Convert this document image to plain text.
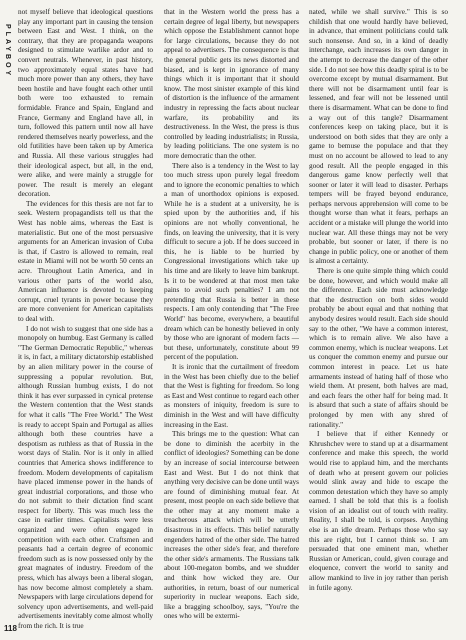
PLAYBOY

not myself believe that ideological questions play any important part in causing the tension between East and West. I think, on the contrary, that they are propaganda weapons designed to stimulate warlike ardor and to convert neutrals. Whenever, in past history, two approximately equal states have had much more power than any others, they have been hostile and have fought each other until both were too exhausted to remain formidable. France and Spain, England and France, Germany and England have all, in turn, followed this pattern until now all have rendered themselves nearly powerless, and the old futilities have been taken up by America and Russia. All these various struggles had their ideological aspect, but all, in the end, were alike, and were mainly a struggle for power. The result is merely an elegant decoration.

The evidences for this thesis are not far to seek. Western propagandists tell us that the West has noble aims, whereas the East is materialistic. But one of the most persuasive arguments for an American invasion of Cuba is that, if Castro is allowed to remain, real estate in Miami will not be worth 50 cents an acre. Throughout Latin America, and in various other parts of the world also, American influence is devoted to keeping corrupt, cruel tyrants in power because they are more convenient for American capitalists to deal with.

I do not wish to suggest that one side has a monopoly on humbug. East Germany is called "The German Democratic Republic," whereas it is, in fact, a military dictatorship established by an alien military power in the course of suppressing a popular revolution. But, although Russian humbug exists, I do not think it has ever surpassed in cynical pretense the Western contention that the West stands for what it calls "The Free World." The West is ready to accept Spain and Portugal as allies although both these countries have a despotism as ruthless as that of Russia in the worst days of Stalin. Nor is it only in allied countries that America shows indifference to freedom. Modern developments of capitalism have placed immense power in the hands of great industrial corporations, and those who do not submit to their dictation find scant respect for liberty. This was much less the case in earlier times. Capitalists were less organized and were often engaged in competition with each other. Craftsmen and peasants had a certain degree of economic freedom such as is now possessed only by the great magnates of industry. Freedom of the press, which has always been a liberal slogan, has now become almost completely a sham. Newspapers with large circulations depend for solvency upon advertisements, and well-paid advertisements inevitably come almost wholly from the rich. It is true

that in the Western world the press has a certain degree of legal liberty, but newspapers which oppose the Establishment cannot hope for large circulations, because they do not appeal to advertisers. The consequence is that the general public gets its news distorted and biased, and is kept in ignorance of many things which it is important that it should know. The most sinister example of this kind of distortion is the influence of the armament industry in repressing the facts about nuclear warfare, its probability and its destructiveness. In the West, the press is thus controlled by leading industrialists; in Russia, by leading politicians. The one system is no more democratic than the other.

There also is a tendency in the West to lay too much stress upon purely legal freedom and to ignore the economic penalties to which a man of unorthodox opinions is exposed. While he is a student at a university, he is spied upon by the authorities and, if his opinions are not wholly conventional, he finds, on leaving the university, that it is very difficult to secure a job. If he does succeed in this, he is liable to be hurried by Congressional investigations which take up his time and are likely to leave him bankrupt. Is it to be wondered at that most men take pains to avoid such penalties? I am not pretending that Russia is better in these respects. I am only contending that "The Free World" has become, everywhere, a beautiful dream which can be honestly believed in only by those who are ignorant of modern facts — but these, unfortunately, constitute about 99 percent of the population.

It is ironic that the curtailment of freedom in the West has been chiefly due to the belief that the West is fighting for freedom. So long as East and West continue to regard each other as monsters of iniquity, freedom is sure to diminish in the West and will have difficulty increasing in the East.

This brings me to the question: What can be done to diminish the acerbity in the conflict of ideologies? Something can be done by an increase of social intercourse between East and West. But I do not think that anything very decisive can be done until ways are found of diminishing mutual fear. At present, most people on each side believe that the other may at any moment make a treacherous attack which will be utterly disastrous in its effects. This belief naturally engenders hatred of the other side. The hatred increases the other side's fear, and therefore the other side's armaments. The Russians talk about 100-megaton bombs, and we shudder and think how wicked they are. Our authorities, in return, boast of our numerical superiority in nuclear weapons. Each side, like a bragging schoolboy, says, "You're the ones who will be extermi-

nated, while we shall survive." This is so childish that one would hardly have believed, in advance, that eminent politicians could talk such nonsense. And so, in a kind of deadly interchange, each increases its own danger in the attempt to decrease the danger of the other side. I do not see how this deadly spiral is to be overcome except by mutual disarmament. But there will not be disarmament until fear is lessened, and fear will not be lessened until there is disarmament. What can be done to find a way out of this tangle? Disarmament conferences keep on taking place, but it is understood on both sides that they are only a game to bemuse the populace and that they must on no account be allowed to lead to any good result. All the people engaged in this dangerous game know perfectly well that sooner or later it will lead to disaster. Perhaps tempers will be frayed beyond endurance, perhaps nervous apprehension will come to be thought worse than what it fears, perhaps an accident or a mistake will plunge the world into nuclear war. All these things may not be very probable, but sooner or later, if there is no change in public policy, one or another of them is almost a certainty.

There is one quite simple thing which could be done, however, and which would make all the difference. Each side must acknowledge that the destruction on both sides would probably be about equal and that nothing that anybody desires would result. Each side should say to the other, "We have a common interest, which is to remain alive. We also have a common enemy, which is nuclear weapons. Let us conquer the common enemy and pursue our common interest in peace. Let us hate armaments instead of hating half of those who wield them. At present, both halves are mad, and each fears the other half for being mad. It is absurd that such a state of affairs should be prolonged by men with any shred of rationality."

I believe that if either Kennedy or Khrushchev were to stand up at a disarmament conference and make this speech, the world would rise to applaud him, and the merchants of death who at present govern our policies would slink away and hide to escape the common detestation which they have so amply earned. I shall be told that this is a foolish vision of an idealist out of touch with reality. Reality, I shall be told, is corpses. Anything else is an idle dream. Perhaps those who say this are right, but I cannot think so. I am persuaded that one eminent man, whether Russian or American, could, given courage and eloquence, convert the world to sanity and allow mankind to live in joy rather than perish in futile agony.

118
